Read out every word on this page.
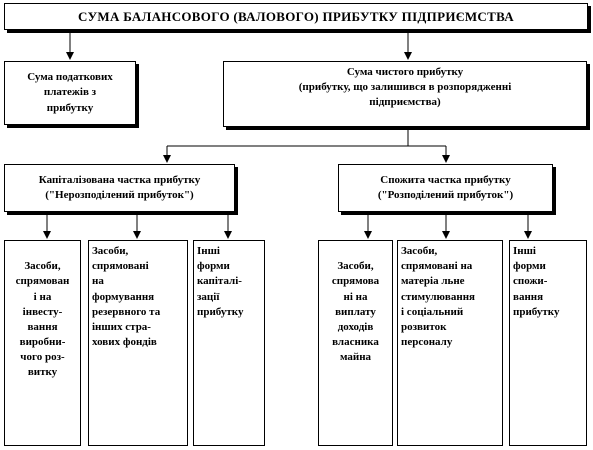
СУМА БАЛАНСОВОГО (ВАЛОВОГО) ПРИБУТКУ ПІДПРИЄМСТВА
Сума податкових
платежів з
прибутку
Сума чистого прибутку
(прибутку, що залишився в розпорядженні
підприємства)
Капіталізована частка прибутку
("Нерозподілений прибуток")
Спожита частка прибутку
("Розподілений прибуток")

Засоби,
спрямован
і на
інвесту-
вання
виробни-
чого роз-
витку

Засоби,
спрямовані
на
формування
резервного та
інших стра-
хових фондів
Інші
форми
капіталі-
зації
прибутку

Засоби,
спрямова
ні на
виплату
доходів
власника
майна

Засоби,
спрямовані на
матеріа льне
стимулювання
і соціальний
розвиток
персоналу
Інші
форми
спожи-
вання
прибутку
